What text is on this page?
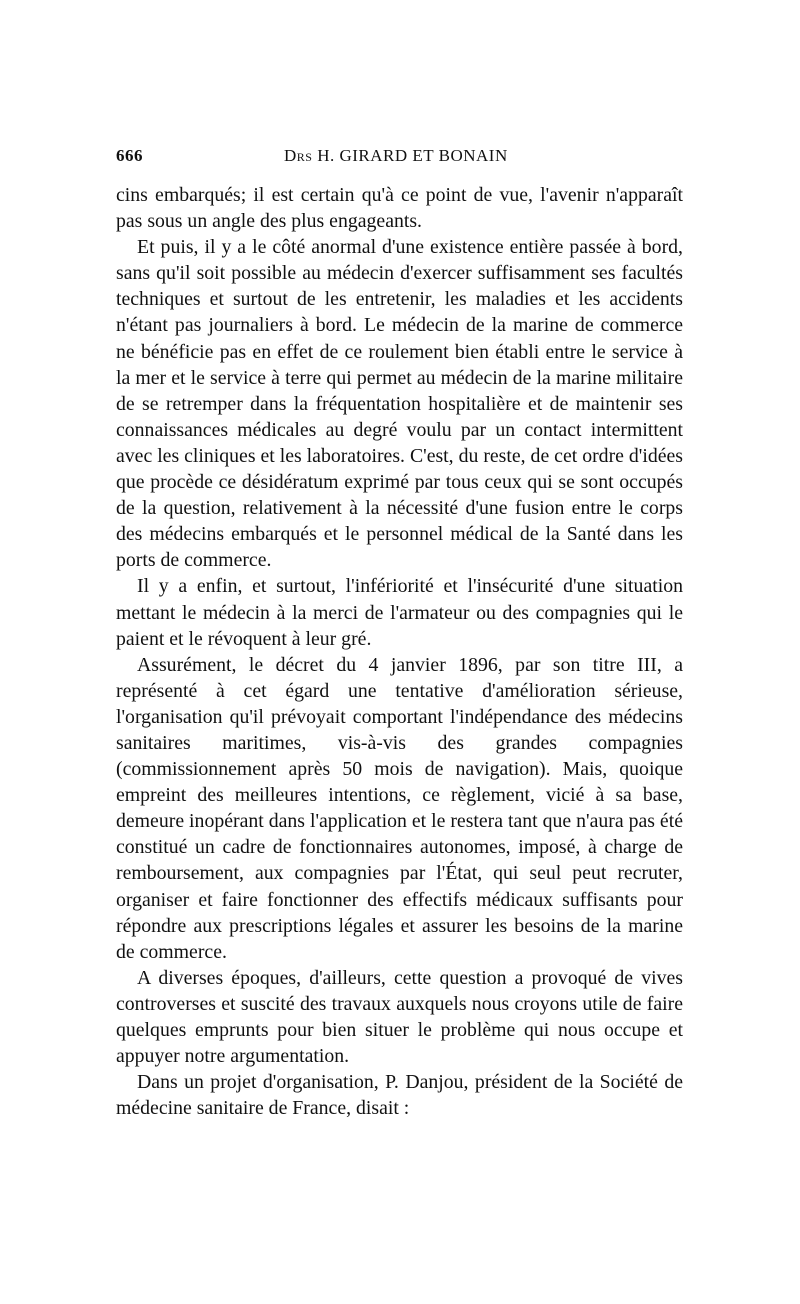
666	Drs H. GIRARD ET BONAIN

cins embarqués; il est certain qu'à ce point de vue, l'avenir n'apparaît pas sous un angle des plus engageants.

Et puis, il y a le côté anormal d'une existence entière passée à bord, sans qu'il soit possible au médecin d'exercer suffisamment ses facultés techniques et surtout de les entretenir, les maladies et les accidents n'étant pas journaliers à bord. Le médecin de la marine de commerce ne bénéficie pas en effet de ce roulement bien établi entre le service à la mer et le service à terre qui permet au médecin de la marine militaire de se retremper dans la fréquentation hospitalière et de maintenir ses connaissances médicales au degré voulu par un contact intermittent avec les cliniques et les laboratoires. C'est, du reste, de cet ordre d'idées que procède ce désidératum exprimé par tous ceux qui se sont occupés de la question, relativement à la nécessité d'une fusion entre le corps des médecins embarqués et le personnel médical de la Santé dans les ports de commerce.

Il y a enfin, et surtout, l'infériorité et l'insécurité d'une situation mettant le médecin à la merci de l'armateur ou des compagnies qui le paient et le révoquent à leur gré.

Assurément, le décret du 4 janvier 1896, par son titre III, a représenté à cet égard une tentative d'amélioration sérieuse, l'organisation qu'il prévoyait comportant l'indépendance des médecins sanitaires maritimes, vis-à-vis des grandes compagnies (commissionnement après 50 mois de navigation). Mais, quoique empreint des meilleures intentions, ce règlement, vicié à sa base, demeure inopérant dans l'application et le restera tant que n'aura pas été constitué un cadre de fonctionnaires autonomes, imposé, à charge de remboursement, aux compagnies par l'État, qui seul peut recruter, organiser et faire fonctionner des effectifs médicaux suffisants pour répondre aux prescriptions légales et assurer les besoins de la marine de commerce.

A diverses époques, d'ailleurs, cette question a provoqué de vives controverses et suscité des travaux auxquels nous croyons utile de faire quelques emprunts pour bien situer le problème qui nous occupe et appuyer notre argumentation.

Dans un projet d'organisation, P. Danjou, président de la Société de médecine sanitaire de France, disait :
